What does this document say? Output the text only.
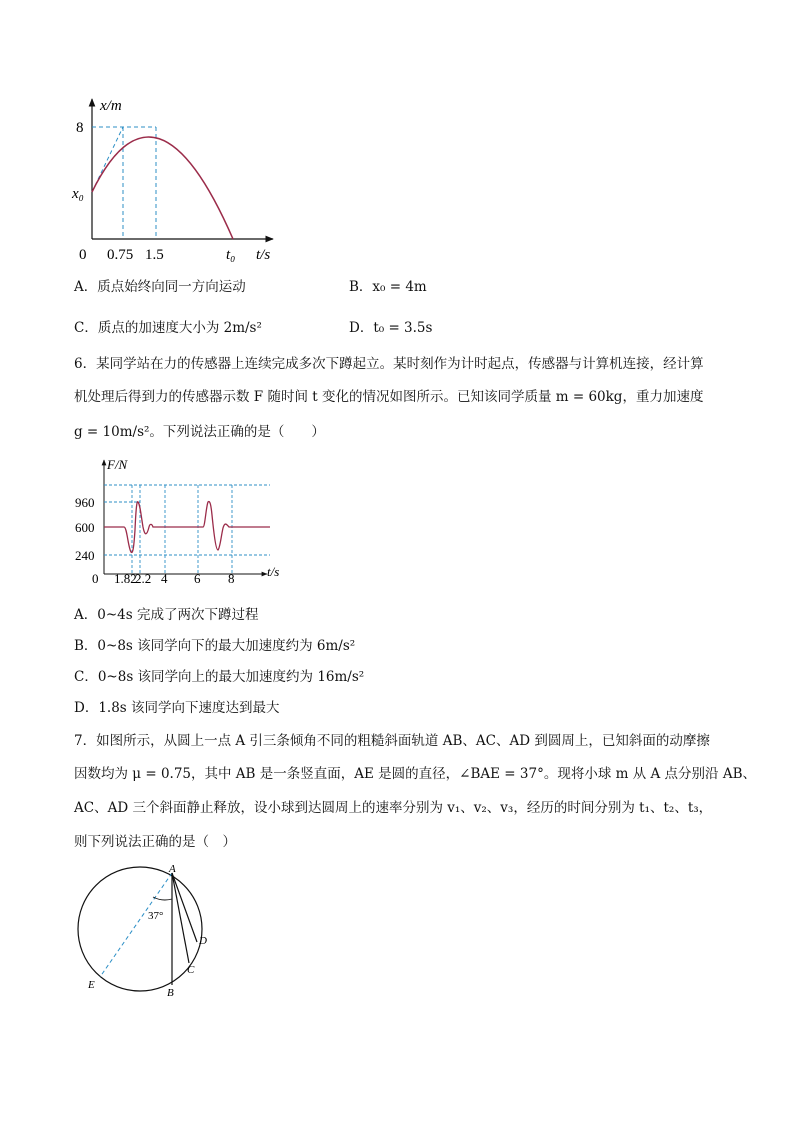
x/m
8
x₀
0 0.75 1.5	t₀ t/s
A．质点始终向同一方向运动	B．x₀ = 4m
C．质点的加速度大小为 2m/s²	D．t₀ = 3.5s
6．某同学站在力的传感器上连续完成多次下蹲起立。某时刻作为计时起点，传感器与计算机连接，经计算
机处理后得到力的传感器示数 F 随时间 t 变化的情况如图所示。已知该同学质量 m = 60kg，重力加速度
g = 10m/s²。下列说法正确的是（　　）
F/N
960
600
240
0 1.82
2.2 4 6 8	t/s
A．0~4s 完成了两次下蹲过程
B．0~8s 该同学向下的最大加速度约为 6m/s²
C．0~8s 该同学向上的最大加速度约为 16m/s²
D．1.8s 该同学向下速度达到最大
7．如图所示，从圆上一点 A 引三条倾角不同的粗糙斜面轨道 AB、AC、AD 到圆周上，已知斜面的动摩擦
因数均为 μ = 0.75，其中 AB 是一条竖直面，AE 是圆的直径，∠BAE = 37°。现将小球 m 从 A 点分别沿 AB、
AC、AD 三个斜面静止释放，设小球到达圆周上的速率分别为 v₁、v₂、v₃，经历的时间分别为 t₁、t₂、t₃，
则下列说法正确的是（　）
37°
A
B
C
D
E
